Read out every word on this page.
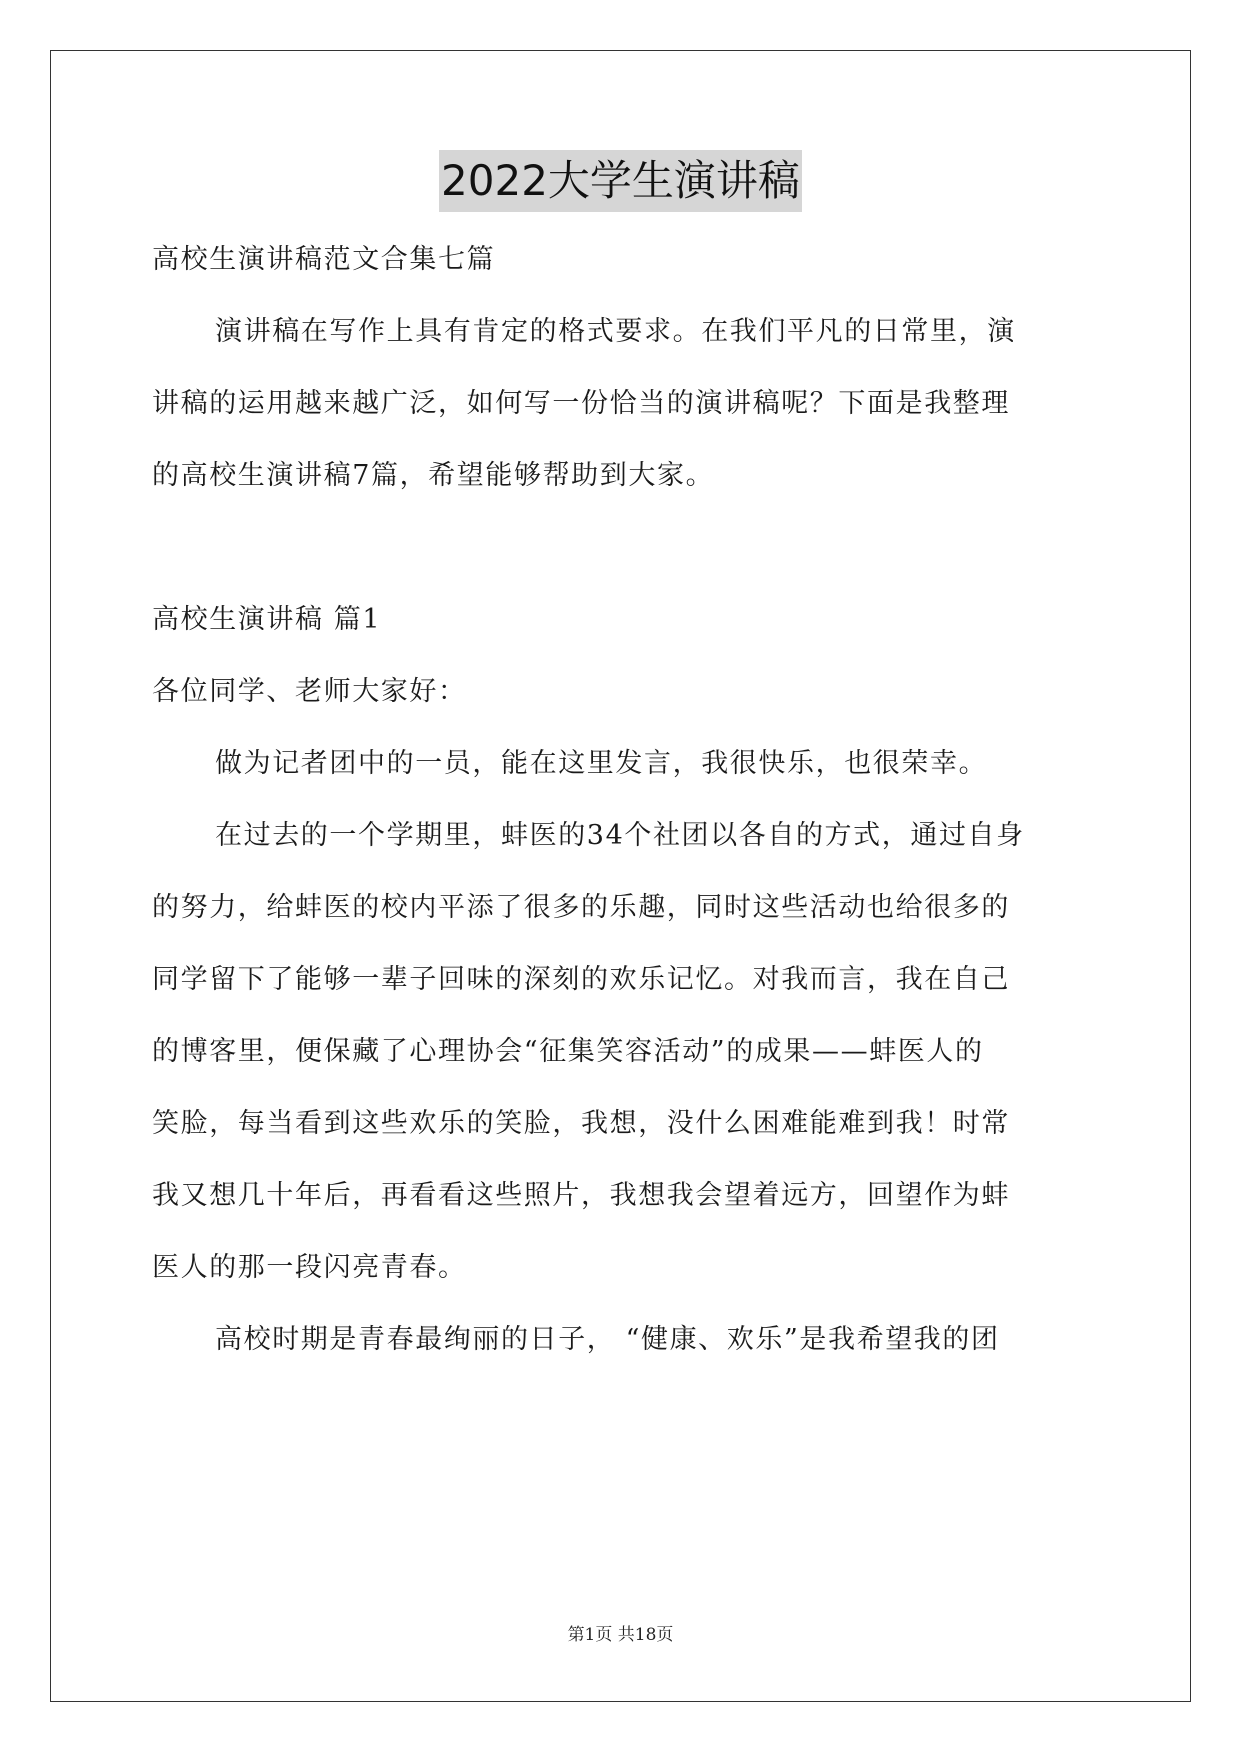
2022大学生演讲稿
高校生演讲稿范文合集七篇
演讲稿在写作上具有肯定的格式要求。在我们平凡的日常里，演
讲稿的运用越来越广泛，如何写一份恰当的演讲稿呢？下面是我整理
的高校生演讲稿7篇，希望能够帮助到大家。
高校生演讲稿 篇1
各位同学、老师大家好：
做为记者团中的一员，能在这里发言，我很快乐，也很荣幸。
在过去的一个学期里，蚌医的34个社团以各自的方式，通过自身
的努力，给蚌医的校内平添了很多的乐趣，同时这些活动也给很多的
同学留下了能够一辈子回味的深刻的欢乐记忆。对我而言，我在自己
的博客里，便保藏了心理协会“征集笑容活动”的成果——蚌医人的
笑脸，每当看到这些欢乐的笑脸，我想，没什么困难能难到我！时常
我又想几十年后，再看看这些照片，我想我会望着远方，回望作为蚌
医人的那一段闪亮青春。
高校时期是青春最绚丽的日子， “健康、欢乐”是我希望我的团
第1页 共18页
